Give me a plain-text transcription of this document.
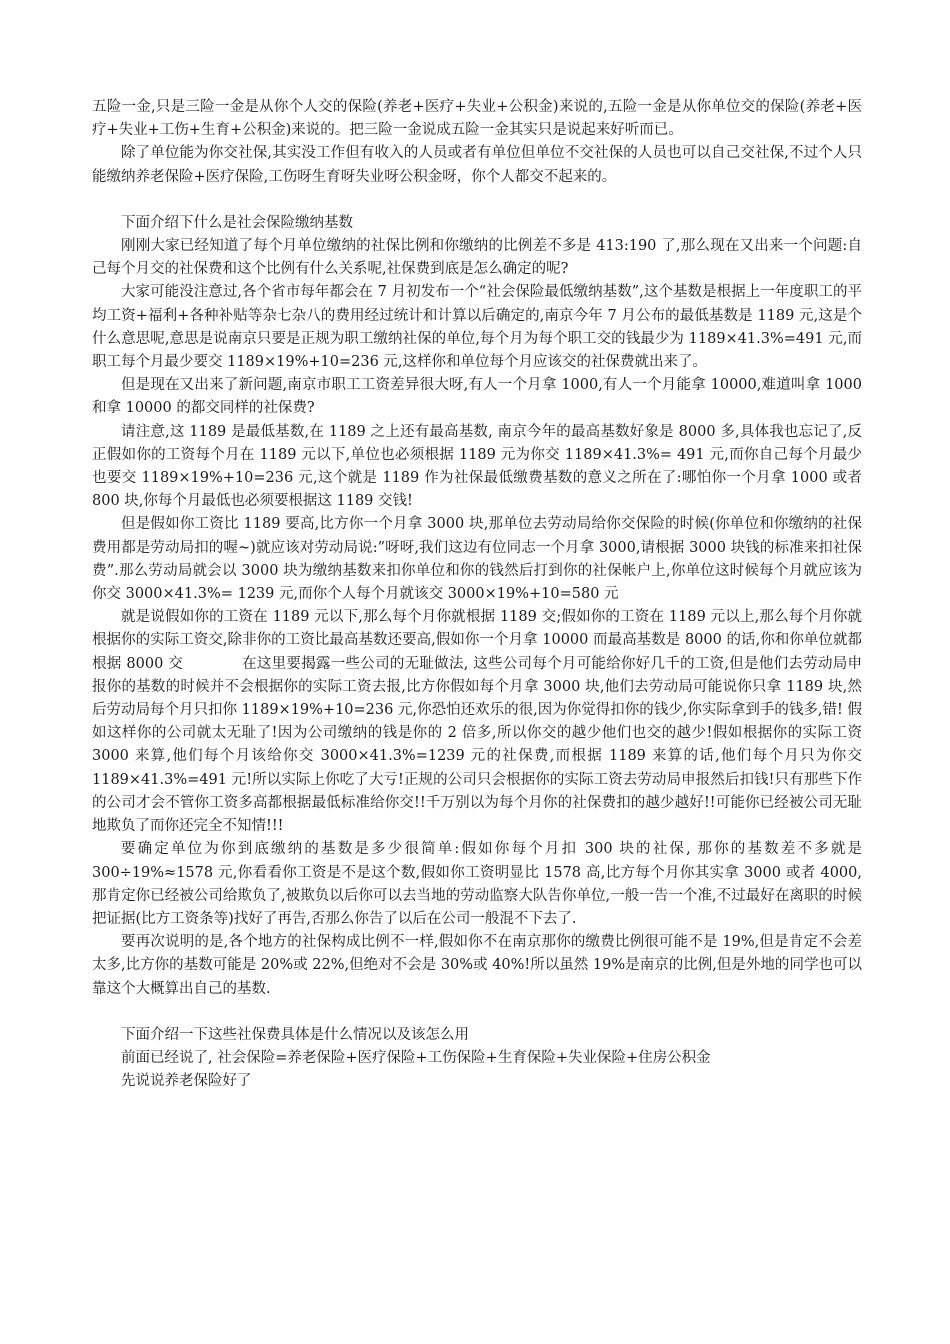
五险一金,只是三险一金是从你个人交的保险(养老+医疗+失业+公积金)来说的,五险一金是从你单位交的保险(养老+医疗+失业+工伤+生育+公积金)来说的。把三险一金说成五险一金其实只是说起来好听而已。

除了单位能为你交社保,其实没工作但有收入的人员或者有单位但单位不交社保的人员也可以自己交社保,不过个人只能缴纳养老保险+医疗保险,工伤呀生育呀失业呀公积金呀，你个人都交不起来的。

下面介绍下什么是社会保险缴纳基数

刚刚大家已经知道了每个月单位缴纳的社保比例和你缴纳的比例差不多是 413:190 了,那么现在又出来一个问题:自己每个月交的社保费和这个比例有什么关系呢,社保费到底是怎么确定的呢?

大家可能没注意过,各个省市每年都会在 7 月初发布一个“社会保险最低缴纳基数”,这个基数是根据上一年度职工的平均工资+福利+各种补贴等杂七杂八的费用经过统计和计算以后确定的,南京今年 7 月公布的最低基数是 1189 元,这是个什么意思呢,意思是说南京只要是正规为职工缴纳社保的单位,每个月为每个职工交的钱最少为 1189×41.3%=491 元,而职工每个月最少要交 1189×19%+10=236 元,这样你和单位每个月应该交的社保费就出来了。

但是现在又出来了新问题,南京市职工工资差异很大呀,有人一个月拿 1000,有人一个月能拿 10000,难道叫拿 1000 和拿 10000 的都交同样的社保费?

请注意,这 1189 是最低基数,在 1189 之上还有最高基数, 南京今年的最高基数好象是 8000 多,具体我也忘记了,反正假如你的工资每个月在 1189 元以下,单位也必须根据 1189 元为你交 1189×41.3%= 491 元,而你自己每个月最少也要交 1189×19%+10=236 元,这个就是 1189 作为社保最低缴费基数的意义之所在了:哪怕你一个月拿 1000 或者 800 块,你每个月最低也必须要根据这 1189 交钱!

但是假如你工资比 1189 要高,比方你一个月拿 3000 块,那单位去劳动局给你交保险的时候(你单位和你缴纳的社保费用都是劳动局扣的喔~)就应该对劳动局说:”呀呀,我们这边有位同志一个月拿 3000,请根据 3000 块钱的标准来扣社保费”.那么劳动局就会以 3000 块为缴纳基数来扣你单位和你的钱然后打到你的社保帐户上,你单位这时候每个月就应该为你交 3000×41.3%= 1239 元,而你个人每个月就该交 3000×19%+10=580 元

就是说假如你的工资在 1189 元以下,那么每个月你就根据 1189 交;假如你的工资在 1189 元以上,那么每个月你就根据你的实际工资交,除非你的工资比最高基数还要高,假如你一个月拿 10000 而最高基数是 8000 的话,你和你单位就都根据 8000 交　　　　在这里要揭露一些公司的无耻做法, 这些公司每个月可能给你好几千的工资,但是他们去劳动局申报你的基数的时候并不会根据你的实际工资去报,比方你假如每个月拿 3000 块,他们去劳动局可能说你只拿 1189 块,然后劳动局每个月只扣你 1189×19%+10=236 元,你恐怕还欢乐的很,因为你觉得扣你的钱少,你实际拿到手的钱多,错! 假如这样你的公司就太无耻了!因为公司缴纳的钱是你的 2 倍多,所以你交的越少他们也交的越少!假如根据你的实际工资 3000 来算,他们每个月该给你交 3000×41.3%=1239 元的社保费,而根据 1189 来算的话,他们每个月只为你交 1189×41.3%=491 元!所以实际上你吃了大亏!正规的公司只会根据你的实际工资去劳动局申报然后扣钱!只有那些下作的公司才会不管你工资多高都根据最低标准给你交!!千万别以为每个月你的社保费扣的越少越好!!可能你已经被公司无耻地欺负了而你还完全不知情!!!

要确定单位为你到底缴纳的基数是多少很简单:假如你每个月扣 300 块的社保, 那你的基数差不多就是 300÷19%≈1578 元,你看看你工资是不是这个数,假如你工资明显比 1578 高,比方每个月你其实拿 3000 或者 4000,那肯定你已经被公司给欺负了,被欺负以后你可以去当地的劳动监察大队告你单位,一般一告一个准,不过最好在离职的时候把证据(比方工资条等)找好了再告,否那么你告了以后在公司一般混不下去了.

要再次说明的是,各个地方的社保构成比例不一样,假如你不在南京那你的缴费比例很可能不是 19%,但是肯定不会差太多,比方你的基数可能是 20%或 22%,但绝对不会是 30%或 40%!所以虽然 19%是南京的比例,但是外地的同学也可以靠这个大概算出自己的基数.

下面介绍一下这些社保费具体是什么情况以及该怎么用

前面已经说了, 社会保险=养老保险+医疗保险+工伤保险+生育保险+失业保险+住房公积金

先说说养老保险好了
